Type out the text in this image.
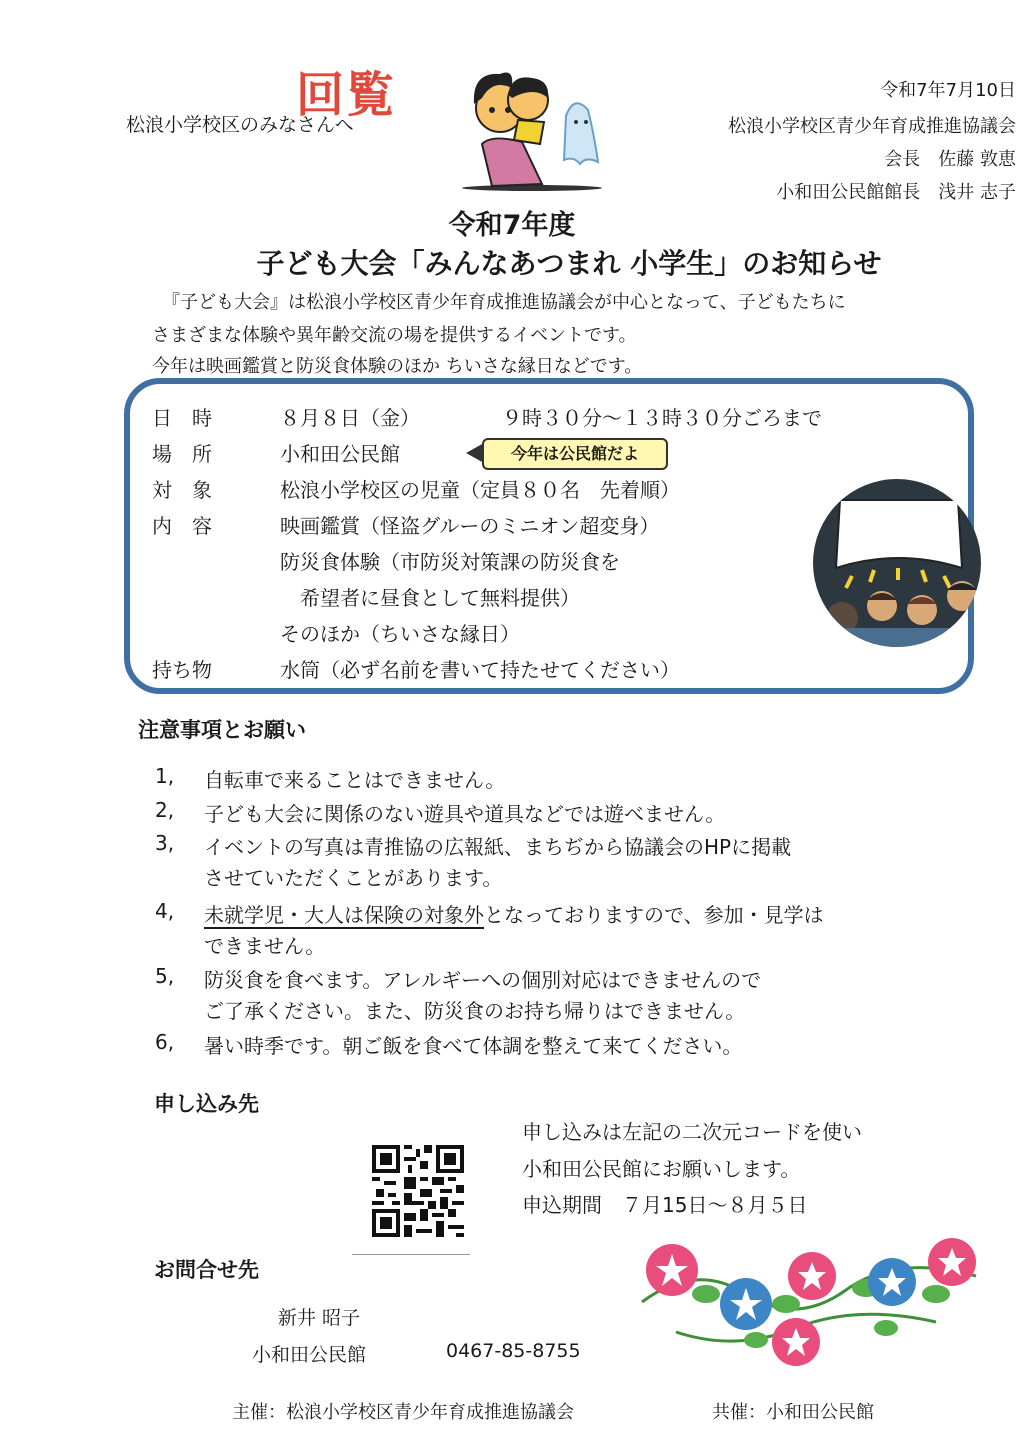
回覧
松浪小学校区のみなさんへ
令和7年7月10日
松浪小学校区青少年育成推進協議会
会長　佐藤 敦恵
小和田公民館館長　浅井 志子
令和7年度
子ども大会「みんなあつまれ 小学生」のお知らせ
『子ども大会』は松浪小学校区青少年育成推進協議会が中心となって、子どもたちに
さまざまな体験や異年齢交流の場を提供するイベントです。
今年は映画鑑賞と防災食体験のほか ちいさな縁日などです。
日　時	８月８日（金）	９時３０分～１３時３０分ごろまで
場　所	小和田公民館	今年は公民館だよ
対　象	松浪小学校区の児童（定員８０名　先着順）
内　容	映画鑑賞（怪盗グルーのミニオン超変身）
防災食体験（市防災対策課の防災食を
　希望者に昼食として無料提供）
そのほか（ちいさな縁日）
持ち物	水筒（必ず名前を書いて持たせてください）
注意事項とお願い
1, 自転車で来ることはできません。
2, 子ども大会に関係のない遊具や道具などでは遊べません。
3, イベントの写真は青推協の広報紙、まちぢから協議会のHPに掲載
させていただくことがあります。
4, 未就学児・大人は保険の対象外となっておりますので、参加・見学は
できません。
5, 防災食を食べます。アレルギーへの個別対応はできませんので
ご了承ください。また、防災食のお持ち帰りはできません。
6, 暑い時季です。朝ご飯を食べて体調を整えて来てください。
申し込み先
申し込みは左記の二次元コードを使い
小和田公民館にお願いします。
申込期間　７月15日～８月５日
お問合せ先
新井 昭子
小和田公民館	0467-85-8755
主催：松浪小学校区青少年育成推進協議会	共催：小和田公民館
